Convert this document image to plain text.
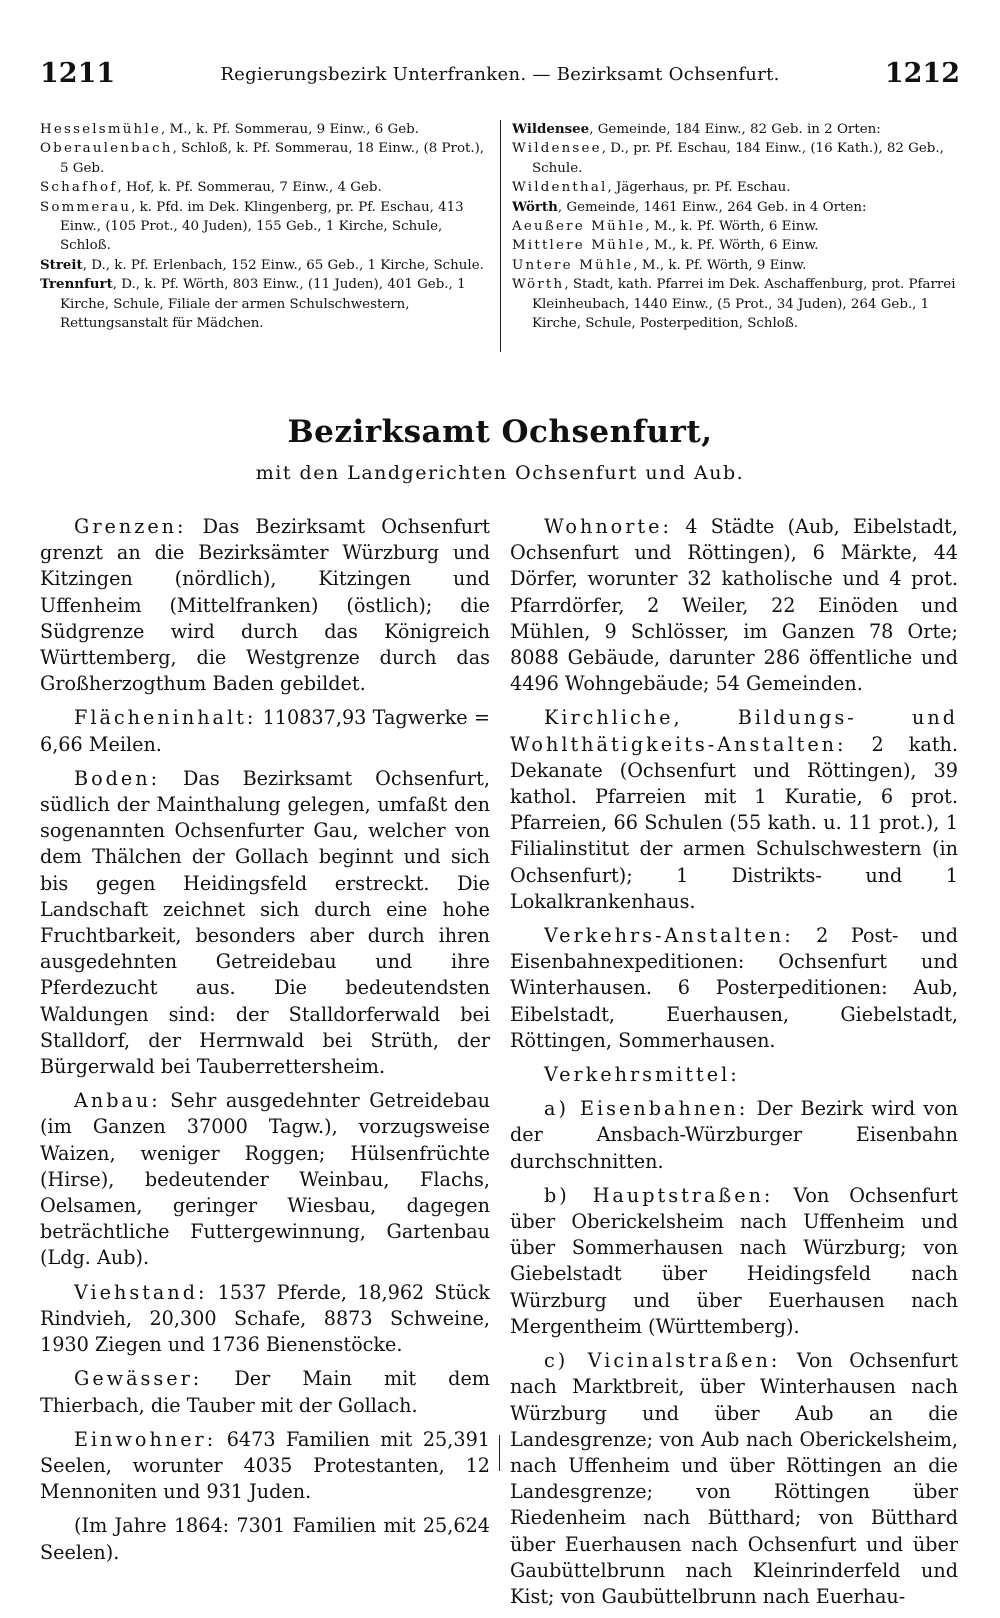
1211	Regierungsbezirk Unterfranken. — Bezirksamt Ochsenfurt.	1212

Hesselsmühle, M., k. Pf. Sommerau, 9 Einw., 6 Geb.

Oberaulenbach, Schloß, k. Pf. Sommerau, 18 Einw., (8 Prot.), 5 Geb.

Schafhof, Hof, k. Pf. Sommerau, 7 Einw., 4 Geb.

Sommerau, k. Pfd. im Dek. Klingenberg, pr. Pf. Eschau, 413 Einw., (105 Prot., 40 Juden), 155 Geb., 1 Kirche, Schule, Schloß.

Streit, D., k. Pf. Erlenbach, 152 Einw., 65 Geb., 1 Kirche, Schule.

Trennfurt, D., k. Pf. Wörth, 803 Einw., (11 Juden), 401 Geb., 1 Kirche, Schule, Filiale der armen Schulschwestern, Rettungsanstalt für Mädchen.

Wildensee, Gemeinde, 184 Einw., 82 Geb. in 2 Orten:

Wildensee, D., pr. Pf. Eschau, 184 Einw., (16 Kath.), 82 Geb., Schule.

Wildenthal, Jägerhaus, pr. Pf. Eschau.

Wörth, Gemeinde, 1461 Einw., 264 Geb. in 4 Orten:

Aeußere Mühle, M., k. Pf. Wörth, 6 Einw.

Mittlere Mühle, M., k. Pf. Wörth, 6 Einw.

Untere Mühle, M., k. Pf. Wörth, 9 Einw.

Wörth, Stadt, kath. Pfarrei im Dek. Aschaffenburg, prot. Pfarrei Kleinheubach, 1440 Einw., (5 Prot., 34 Juden), 264 Geb., 1 Kirche, Schule, Posterpedition, Schloß.

Bezirksamt Ochsenfurt,
mit den Landgerichten Ochsenfurt und Aub.

Grenzen: Das Bezirksamt Ochsenfurt grenzt an die Bezirksämter Würzburg und Kitzingen (nördlich), Kitzingen und Uffenheim (Mittelfranken) (östlich); die Südgrenze wird durch das Königreich Württemberg, die Westgrenze durch das Großherzogthum Baden gebildet.

Flächeninhalt: 110837,93 Tagwerke = 6,66 Meilen.

Boden: Das Bezirksamt Ochsenfurt, südlich der Mainthalung gelegen, umfaßt den sogenannten Ochsenfurter Gau, welcher von dem Thälchen der Gollach beginnt und sich bis gegen Heidingsfeld erstreckt. Die Landschaft zeichnet sich durch eine hohe Fruchtbarkeit, besonders aber durch ihren ausgedehnten Getreidebau und ihre Pferdezucht aus. Die bedeutendsten Waldungen sind: der Stalldorferwald bei Stalldorf, der Herrnwald bei Strüth, der Bürgerwald bei Tauberrettersheim.

Anbau: Sehr ausgedehnter Getreidebau (im Ganzen 37000 Tagw.), vorzugsweise Waizen, weniger Roggen; Hülsenfrüchte (Hirse), bedeutender Weinbau, Flachs, Oelsamen, geringer Wiesbau, dagegen beträchtliche Futtergewinnung, Gartenbau (Ldg. Aub).

Viehstand: 1537 Pferde, 18,962 Stück Rindvieh, 20,300 Schafe, 8873 Schweine, 1930 Ziegen und 1736 Bienenstöcke.

Gewässer: Der Main mit dem Thierbach, die Tauber mit der Gollach.

Einwohner: 6473 Familien mit 25,391 Seelen, worunter 4035 Protestanten, 12 Mennoniten und 931 Juden.

(Im Jahre 1864: 7301 Familien mit 25,624 Seelen).

Wohnorte: 4 Städte (Aub, Eibelstadt, Ochsenfurt und Röttingen), 6 Märkte, 44 Dörfer, worunter 32 katholische und 4 prot. Pfarrdörfer, 2 Weiler, 22 Einöden und Mühlen, 9 Schlösser, im Ganzen 78 Orte; 8088 Gebäude, darunter 286 öffentliche und 4496 Wohngebäude; 54 Gemeinden.

Kirchliche, Bildungs- und Wohlthätigkeits-Anstalten: 2 kath. Dekanate (Ochsenfurt und Röttingen), 39 kathol. Pfarreien mit 1 Kuratie, 6 prot. Pfarreien, 66 Schulen (55 kath. u. 11 prot.), 1 Filialinstitut der armen Schulschwestern (in Ochsenfurt); 1 Distrikts- und 1 Lokalkrankenhaus.

Verkehrs-Anstalten: 2 Post- und Eisenbahnexpeditionen: Ochsenfurt und Winterhausen. 6 Posterpeditionen: Aub, Eibelstadt, Euerhausen, Giebelstadt, Röttingen, Sommerhausen.

Verkehrsmittel:

a) Eisenbahnen: Der Bezirk wird von der Ansbach-Würzburger Eisenbahn durchschnitten.

b) Hauptstraßen: Von Ochsenfurt über Oberickelsheim nach Uffenheim und über Sommerhausen nach Würzburg; von Giebelstadt über Heidingsfeld nach Würzburg und über Euerhausen nach Mergentheim (Württemberg).

c) Vicinalstraßen: Von Ochsenfurt nach Marktbreit, über Winterhausen nach Würzburg und über Aub an die Landesgrenze; von Aub nach Oberickelsheim, nach Uffenheim und über Röttingen an die Landesgrenze; von Röttingen über Riedenheim nach Bütthard; von Bütthard über Euerhausen nach Ochsenfurt und über Gaubüttelbrunn nach Kleinrinderfeld und Kist; von Gaubüttelbrunn nach Euerhau-
